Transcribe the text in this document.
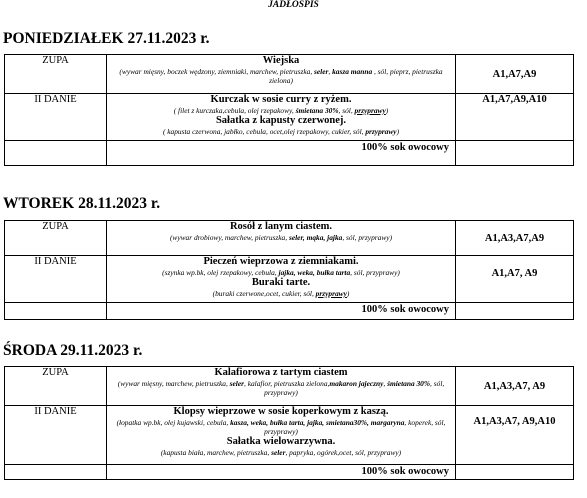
JADŁOSPIS
PONIEDZIAŁEK 27.11.2023 r.
ZUPA	Wiejska
(wywar mięsny, boczek wędzony, ziemniaki, marchew, pietruszka, seler, kasza manna , sól, pieprz, pietruszka zielona)	A1,A7,A9
II DANIE	Kurczak w sosie curry z ryżem.
( filet z kurczaka,cebula, olej rzepakowy, śmietana 30%, sól, przyprawy)
Sałatka z kapusty czerwonej.
( kapusta czerwona, jabłko, cebula, ocet,olej rzepakowy, cukier, sól, przyprawy)	A1,A7,A9,A10
	100% sok owocowy	
WTOREK 28.11.2023 r.
ZUPA	Rosół z lanym ciastem.
(wywar drobiowy, marchew, pietruszka, seler, mąka, jajka, sól, przyprawy)	A1,A3,A7,A9
II DANIE	Pieczeń wieprzowa z ziemniakami.
(szynka wp.bk, olej rzepakowy, cebula, jajka, weka, bułka tarta, sól, przyprawy)
Buraki tarte.
(buraki czerwone,ocet, cukier, sól, przyprawy)	A1,A7, A9
	100% sok owocowy	
ŚRODA 29.11.2023 r.
ZUPA	Kalafiorowa z tartym ciastem
(wywar mięsny, marchew, pietruszka, seler, kalafior, pietruszka zielona,makaron jajeczny, śmietana 30%, sól, przyprawy)	A1,A3,A7, A9
II DANIE	Klopsy wieprzowe w sosie koperkowym z kaszą.
(łopatka wp.bk, olej kujawski, cebula, kasza, weka, bułka tarta, jajka, smietana30%, margaryna, koperek, sól, przyprawy)
Sałatka wielowarzywna.
(kapusta biała, marchew, pietruszka, seler, papryka, ogórek,ocet, sól, przyprawy)	A1,A3,A7, A9,A10
	100% sok owocowy	
